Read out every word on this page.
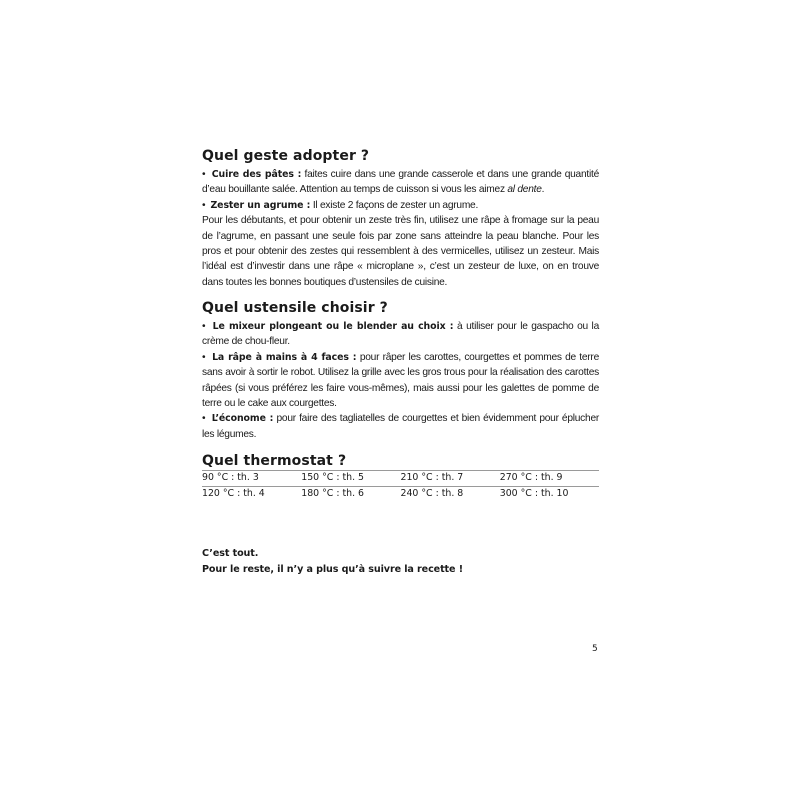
Quel geste adopter ?

•  Cuire des pâtes : faites cuire dans une grande casserole et dans une grande quantité d’eau bouillante salée. Attention au temps de cuisson si vous les aimez al dente.

•  Zester un agrume : Il existe 2 façons de zester un agrume.

Pour les débutants, et pour obtenir un zeste très fin, utilisez une râpe à fromage sur la peau de l’agrume, en passant une seule fois par zone sans atteindre la peau blanche. Pour les pros et pour obtenir des zestes qui ressemblent à des vermicelles, utilisez un zesteur. Mais l’idéal est d’investir dans une râpe « microplane », c’est un zesteur de luxe, on en trouve dans toutes les bonnes boutiques d’ustensiles de cuisine.

Quel ustensile choisir ?

•  Le mixeur plongeant ou le blender au choix : à utiliser pour le gaspacho ou la crème de chou-fleur.

•  La râpe à mains à 4 faces : pour râper les carottes, courgettes et pommes de terre sans avoir à sortir le robot. Utilisez la grille avec les gros trous pour la réalisation des carottes râpées (si vous préférez les faire vous-mêmes), mais aussi pour les galettes de pomme de terre ou le cake aux courgettes.

•  L’économe : pour faire des tagliatelles de courgettes et bien évidemment pour éplucher les légumes.

Quel thermostat ?
90 °C : th. 3	150 °C : th. 5	210 °C : th. 7	270 °C : th. 9
120 °C : th. 4	180 °C : th. 6	240 °C : th. 8	300 °C : th. 10

C’est tout.

Pour le reste, il n’y a plus qu’à suivre la recette !

5
